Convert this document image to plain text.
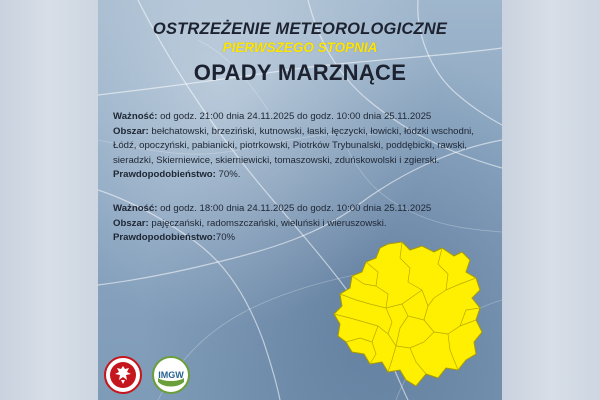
OSTRZEŻENIE METEOROLOGICZNE
PIERWSZEGO STOPNIA
OPADY MARZNĄCE
Ważność: od godz. 21:00 dnia 24.11.2025 do godz. 10:00 dnia 25.11.2025
Obszar: bełchatowski, brzeziński, kutnowski, łaski, łęczycki, łowicki, łódzki wschodni, Łódź, opoczyński, pabianicki, piotrkowski, Piotrków Trybunalski, poddębicki, rawski, sieradzki, Skierniewice, skierniewicki, tomaszowski, zduńskowolski i zgierski.
Prawdopodobieństwo: 70%.
Ważność: od godz. 18:00 dnia 24.11.2025 do godz. 10:00 dnia 25.11.2025
Obszar: pajęczański, radomszczański, wieluński i wieruszowski.
Prawdopodobieństwo:70%
IMGW
